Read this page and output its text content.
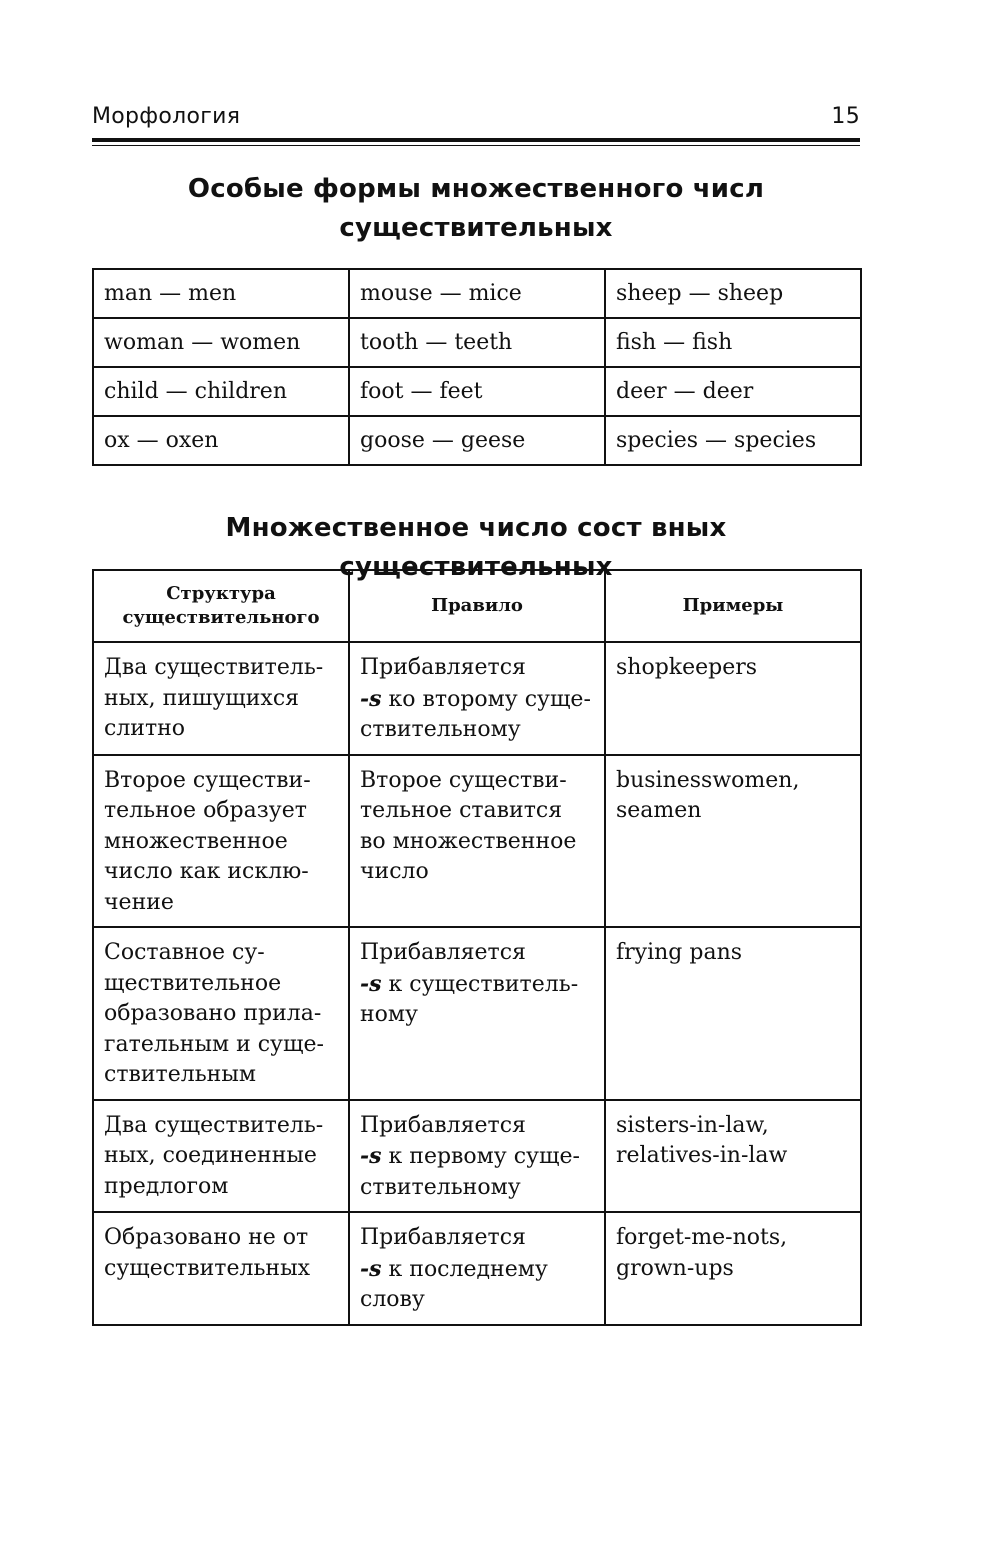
Морфология	15
Особые формы множественного числ
существительных
man — men	mouse — mice	sheep — sheep
woman — women	tooth — teeth	fish — fish
child — children	foot — feet	deer — deer
ox — oxen	goose — geese	species — species
Множественное число сост вных существительных
Структура
существительного	Правило	Примеры

Два существитель-
ных, пишущихся
слитно	Прибавляется
-s ко второму суще-
ствительному	shopkeepers

Второе существи-
тельное образует
множественное
число как исклю-
чение	Второе существи-
тельное ставится
во множественное
число	businesswomen,
seamen

Составное су-
ществительное
образовано прила-
гательным и суще-
ствительным	Прибавляется
-s к существитель-
ному	frying pans

Два существитель-
ных, соединенные
предлогом	Прибавляется
-s к первому суще-
ствительному	sisters-in-law,
relatives-in-law

Образовано не от
существительных	Прибавляется
-s к последнему
слову	forget-me-nots,
grown-ups
